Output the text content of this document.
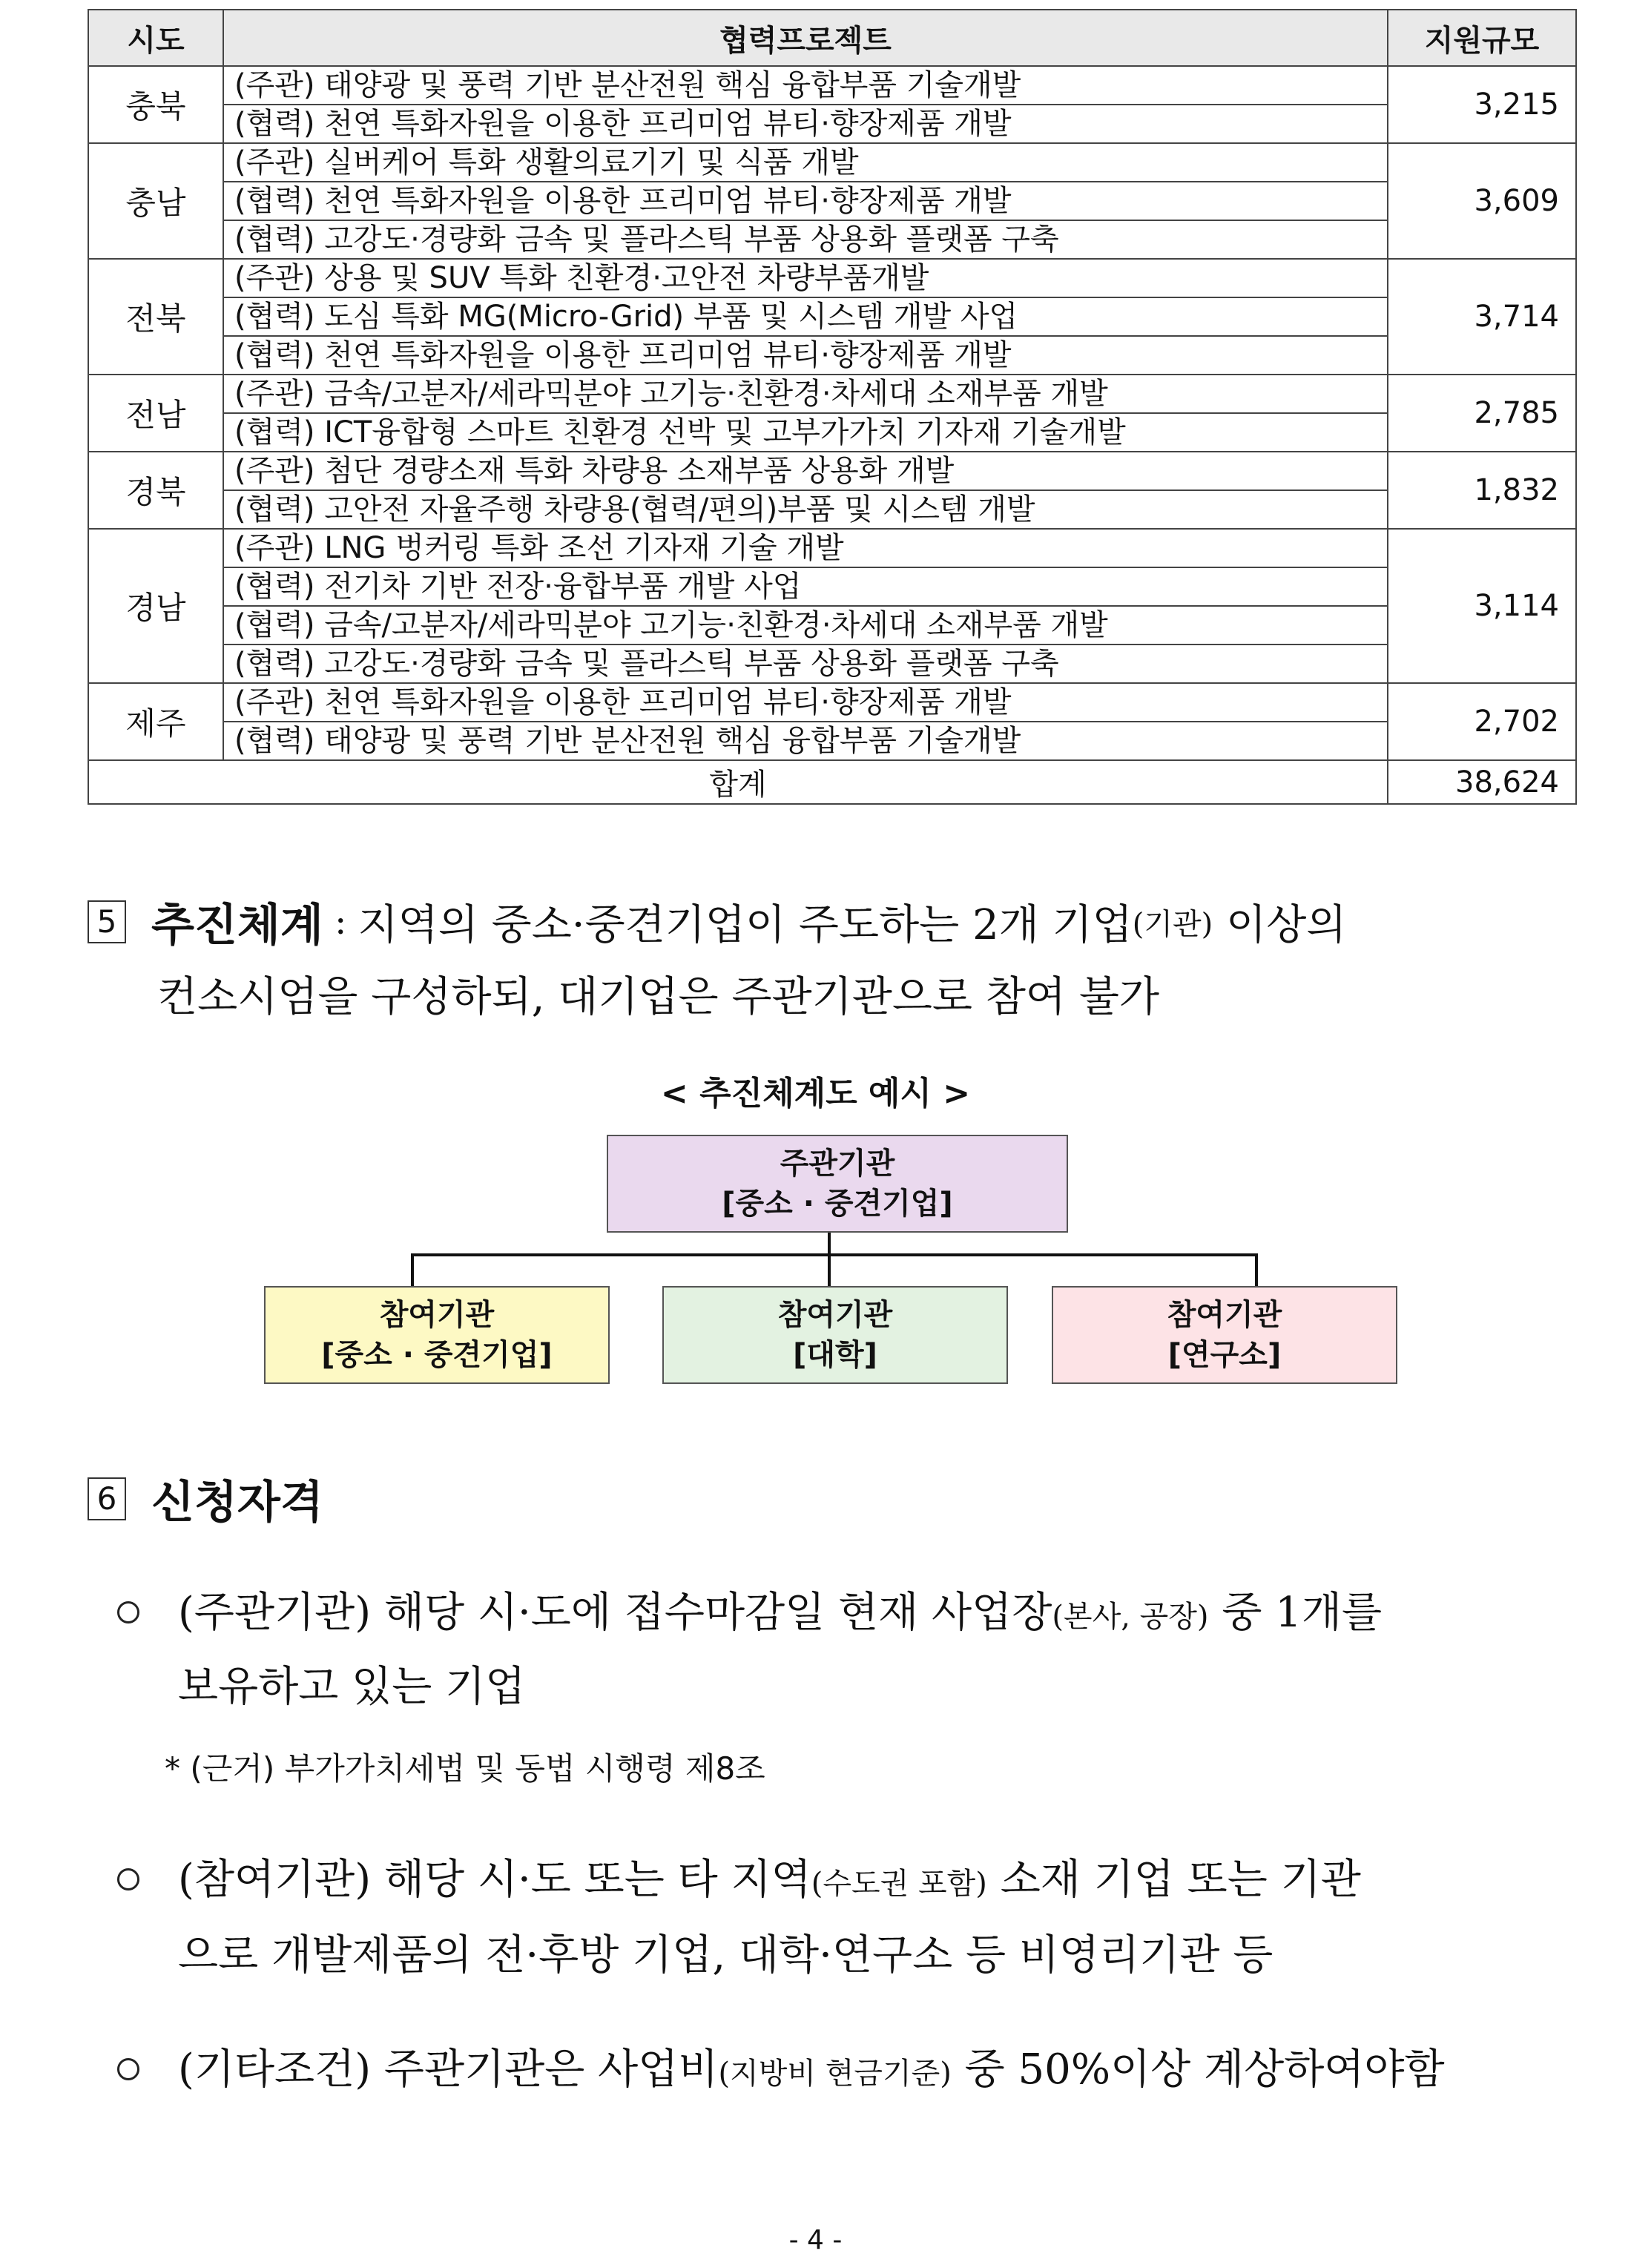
시도	협력프로젝트	지원규모
충북	(주관) 태양광 및 풍력 기반 분산전원 핵심 융합부품 기술개발	3,215
	(협력) 천연 특화자원을 이용한 프리미엄 뷰티·향장제품 개발	
충남	(주관) 실버케어 특화 생활의료기기 및 식품 개발	3,609
	(협력) 천연 특화자원을 이용한 프리미엄 뷰티·향장제품 개발	
	(협력) 고강도·경량화 금속 및 플라스틱 부품 상용화 플랫폼 구축	
전북	(주관) 상용 및 SUV 특화 친환경·고안전 차량부품개발	3,714
	(협력) 도심 특화 MG(Micro-Grid) 부품 및 시스템 개발 사업	
	(협력) 천연 특화자원을 이용한 프리미엄 뷰티·향장제품 개발	
전남	(주관) 금속/고분자/세라믹분야 고기능·친환경·차세대 소재부품 개발	2,785
	(협력) ICT융합형 스마트 친환경 선박 및 고부가가치 기자재 기술개발	
경북	(주관) 첨단 경량소재 특화 차량용 소재부품 상용화 개발	1,832
	(협력) 고안전 자율주행 차량용(협력/편의)부품 및 시스템 개발	
경남	(주관) LNG 벙커링 특화 조선 기자재 기술 개발	3,114
	(협력) 전기차 기반 전장·융합부품 개발 사업	
	(협력) 금속/고분자/세라믹분야 고기능·친환경·차세대 소재부품 개발	
	(협력) 고강도·경량화 금속 및 플라스틱 부품 상용화 플랫폼 구축	
제주	(주관) 천연 특화자원을 이용한 프리미엄 뷰티·향장제품 개발	2,702
	(협력) 태양광 및 풍력 기반 분산전원 핵심 융합부품 기술개발	
합계		38,624
5 추진체계 : 지역의 중소·중견기업이 주도하는 2개 기업(기관) 이상의
컨소시엄을 구성하되, 대기업은 주관기관으로 참여 불가
< 추진체계도 예시 >
주관기관
[중소 · 중견기업]
참여기관
[중소 · 중견기업]
참여기관
[대학]
참여기관
[연구소]
6 신청자격
(주관기관) 해당 시·도에 접수마감일 현재 사업장(본사, 공장) 중 1개를
보유하고 있는 기업
* (근거) 부가가치세법 및 동법 시행령 제8조
(참여기관) 해당 시·도 또는 타 지역(수도권 포함) 소재 기업 또는 기관
으로 개발제품의 전·후방 기업, 대학·연구소 등 비영리기관 등
(기타조건) 주관기관은 사업비(지방비 현금기준) 중 50%이상 계상하여야함
- 4 -
